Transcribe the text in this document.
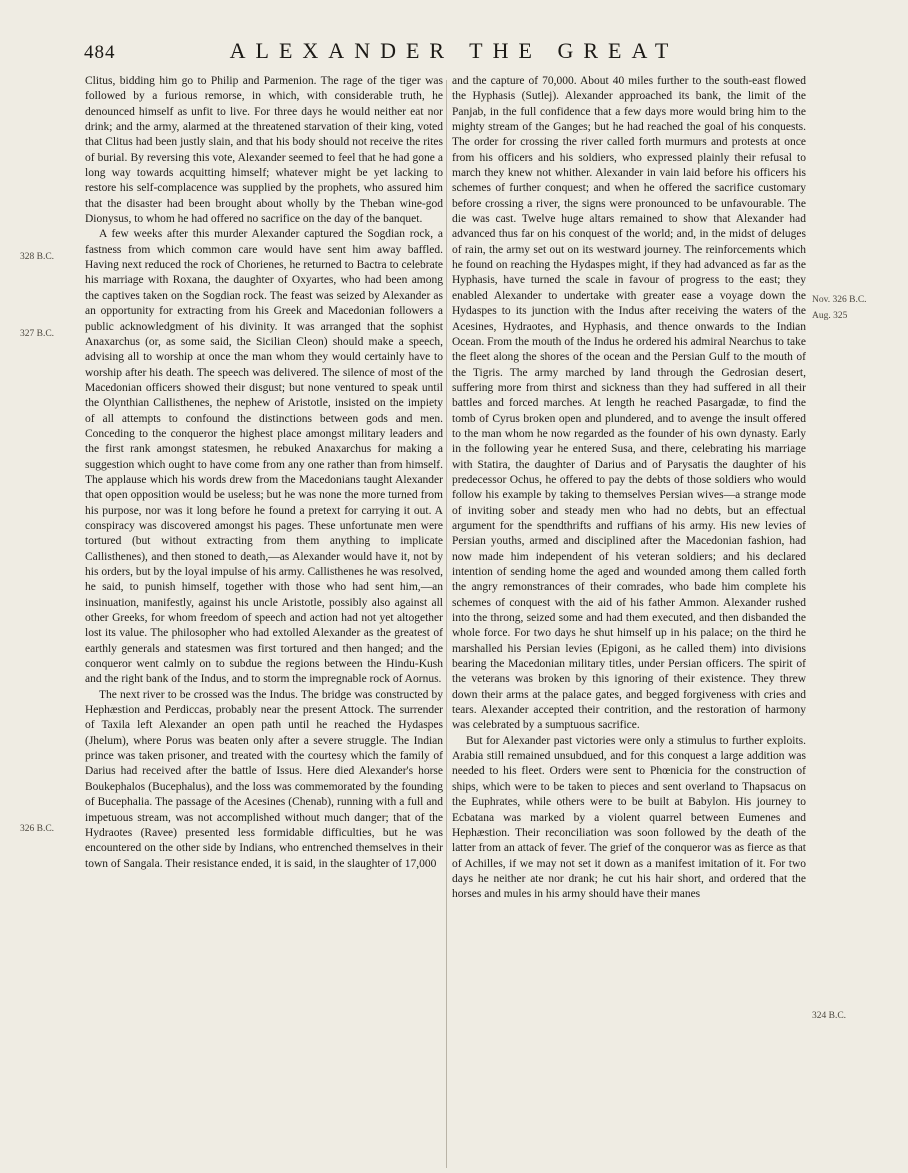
484	ALEXANDER THE GREAT

Clitus, bidding him go to Philip and Parmenion. The rage of the tiger was followed by a furious remorse, in which, with considerable truth, he denounced himself as unfit to live. For three days he would neither eat nor drink; and the army, alarmed at the threatened starvation of their king, voted that Clitus had been justly slain, and that his body should not receive the rites of burial. By reversing this vote, Alexander seemed to feel that he had gone a long way towards acquitting himself; whatever might be yet lacking to restore his self-complacence was supplied by the prophets, who assured him that the disaster had been brought about wholly by the Theban wine-god Dionysus, to whom he had offered no sacrifice on the day of the banquet.

A few weeks after this murder Alexander captured the Sogdian rock, a fastness from which common care would have sent him away baffled. Having next reduced the rock of Chorienes, he returned to Bactra to celebrate his marriage with Roxana, the daughter of Oxyartes, who had been among the captives taken on the Sogdian rock. The feast was seized by Alexander as an opportunity for extracting from his Greek and Macedonian followers a public acknowledgment of his divinity. It was arranged that the sophist Anaxarchus (or, as some said, the Sicilian Cleon) should make a speech, advising all to worship at once the man whom they would certainly have to worship after his death. The speech was delivered. The silence of most of the Macedonian officers showed their disgust; but none ventured to speak until the Olynthian Callisthenes, the nephew of Aristotle, insisted on the impiety of all attempts to confound the distinctions between gods and men. Conceding to the conqueror the highest place amongst military leaders and the first rank amongst statesmen, he rebuked Anaxarchus for making a suggestion which ought to have come from any one rather than from himself. The applause which his words drew from the Macedonians taught Alexander that open opposition would be useless; but he was none the more turned from his purpose, nor was it long before he found a pretext for carrying it out. A conspiracy was discovered amongst his pages. These unfortunate men were tortured (but without extracting from them anything to implicate Callisthenes), and then stoned to death,—as Alexander would have it, not by his orders, but by the loyal impulse of his army. Callisthenes he was resolved, he said, to punish himself, together with those who had sent him,—an insinuation, manifestly, against his uncle Aristotle, possibly also against all other Greeks, for whom freedom of speech and action had not yet altogether lost its value. The philosopher who had extolled Alexander as the greatest of earthly generals and statesmen was first tortured and then hanged; and the conqueror went calmly on to subdue the regions between the Hindu-Kush and the right bank of the Indus, and to storm the impregnable rock of Aornus.

The next river to be crossed was the Indus. The bridge was constructed by Hephæstion and Perdiccas, probably near the present Attock. The surrender of Taxila left Alexander an open path until he reached the Hydaspes (Jhelum), where Porus was beaten only after a severe struggle. The Indian prince was taken prisoner, and treated with the courtesy which the family of Darius had received after the battle of Issus. Here died Alexander's horse Boukephalos (Bucephalus), and the loss was commemorated by the founding of Bucephalia. The passage of the Acesines (Chenab), running with a full and impetuous stream, was not accomplished without much danger; that of the Hydraotes (Ravee) presented less formidable difficulties, but he was encountered on the other side by Indians, who entrenched themselves in their town of Sangala. Their resistance ended, it is said, in the slaughter of 17,000

and the capture of 70,000. About 40 miles further to the south-east flowed the Hyphasis (Sutlej). Alexander approached its bank, the limit of the Panjab, in the full confidence that a few days more would bring him to the mighty stream of the Ganges; but he had reached the goal of his conquests. The order for crossing the river called forth murmurs and protests at once from his officers and his soldiers, who expressed plainly their refusal to march they knew not whither. Alexander in vain laid before his officers his schemes of further conquest; and when he offered the sacrifice customary before crossing a river, the signs were pronounced to be unfavourable. The die was cast. Twelve huge altars remained to show that Alexander had advanced thus far on his conquest of the world; and, in the midst of deluges of rain, the army set out on its westward journey. The reinforcements which he found on reaching the Hydaspes might, if they had advanced as far as the Hyphasis, have turned the scale in favour of progress to the east; they enabled Alexander to undertake with greater ease a voyage down the Hydaspes to its junction with the Indus after receiving the waters of the Acesines, Hydraotes, and Hyphasis, and thence onwards to the Indian Ocean. From the mouth of the Indus he ordered his admiral Nearchus to take the fleet along the shores of the ocean and the Persian Gulf to the mouth of the Tigris. The army marched by land through the Gedrosian desert, suffering more from thirst and sickness than they had suffered in all their battles and forced marches. At length he reached Pasargadæ, to find the tomb of Cyrus broken open and plundered, and to avenge the insult offered to the man whom he now regarded as the founder of his own dynasty. Early in the following year he entered Susa, and there, celebrating his marriage with Statira, the daughter of Darius and of Parysatis the daughter of his predecessor Ochus, he offered to pay the debts of those soldiers who would follow his example by taking to themselves Persian wives—a strange mode of inviting sober and steady men who had no debts, but an effectual argument for the spendthrifts and ruffians of his army. His new levies of Persian youths, armed and disciplined after the Macedonian fashion, had now made him independent of his veteran soldiers; and his declared intention of sending home the aged and wounded among them called forth the angry remonstrances of their comrades, who bade him complete his schemes of conquest with the aid of his father Ammon. Alexander rushed into the throng, seized some and had them executed, and then disbanded the whole force. For two days he shut himself up in his palace; on the third he marshalled his Persian levies (Epigoni, as he called them) into divisions bearing the Macedonian military titles, under Persian officers. The spirit of the veterans was broken by this ignoring of their existence. They threw down their arms at the palace gates, and begged forgiveness with cries and tears. Alexander accepted their contrition, and the restoration of harmony was celebrated by a sumptuous sacrifice.

But for Alexander past victories were only a stimulus to further exploits. Arabia still remained unsubdued, and for this conquest a large addition was needed to his fleet. Orders were sent to Phœnicia for the construction of ships, which were to be taken to pieces and sent overland to Thapsacus on the Euphrates, while others were to be built at Babylon. His journey to Ecbatana was marked by a violent quarrel between Eumenes and Hephæstion. Their reconciliation was soon followed by the death of the latter from an attack of fever. The grief of the conqueror was as fierce as that of Achilles, if we may not set it down as a manifest imitation of it. For two days he neither ate nor drank; he cut his hair short, and ordered that the horses and mules in his army should have their manes

328 B.C.
327 B.C.
326 B.C.
Nov. 326 B.C.
Aug. 325
324 B.C.
